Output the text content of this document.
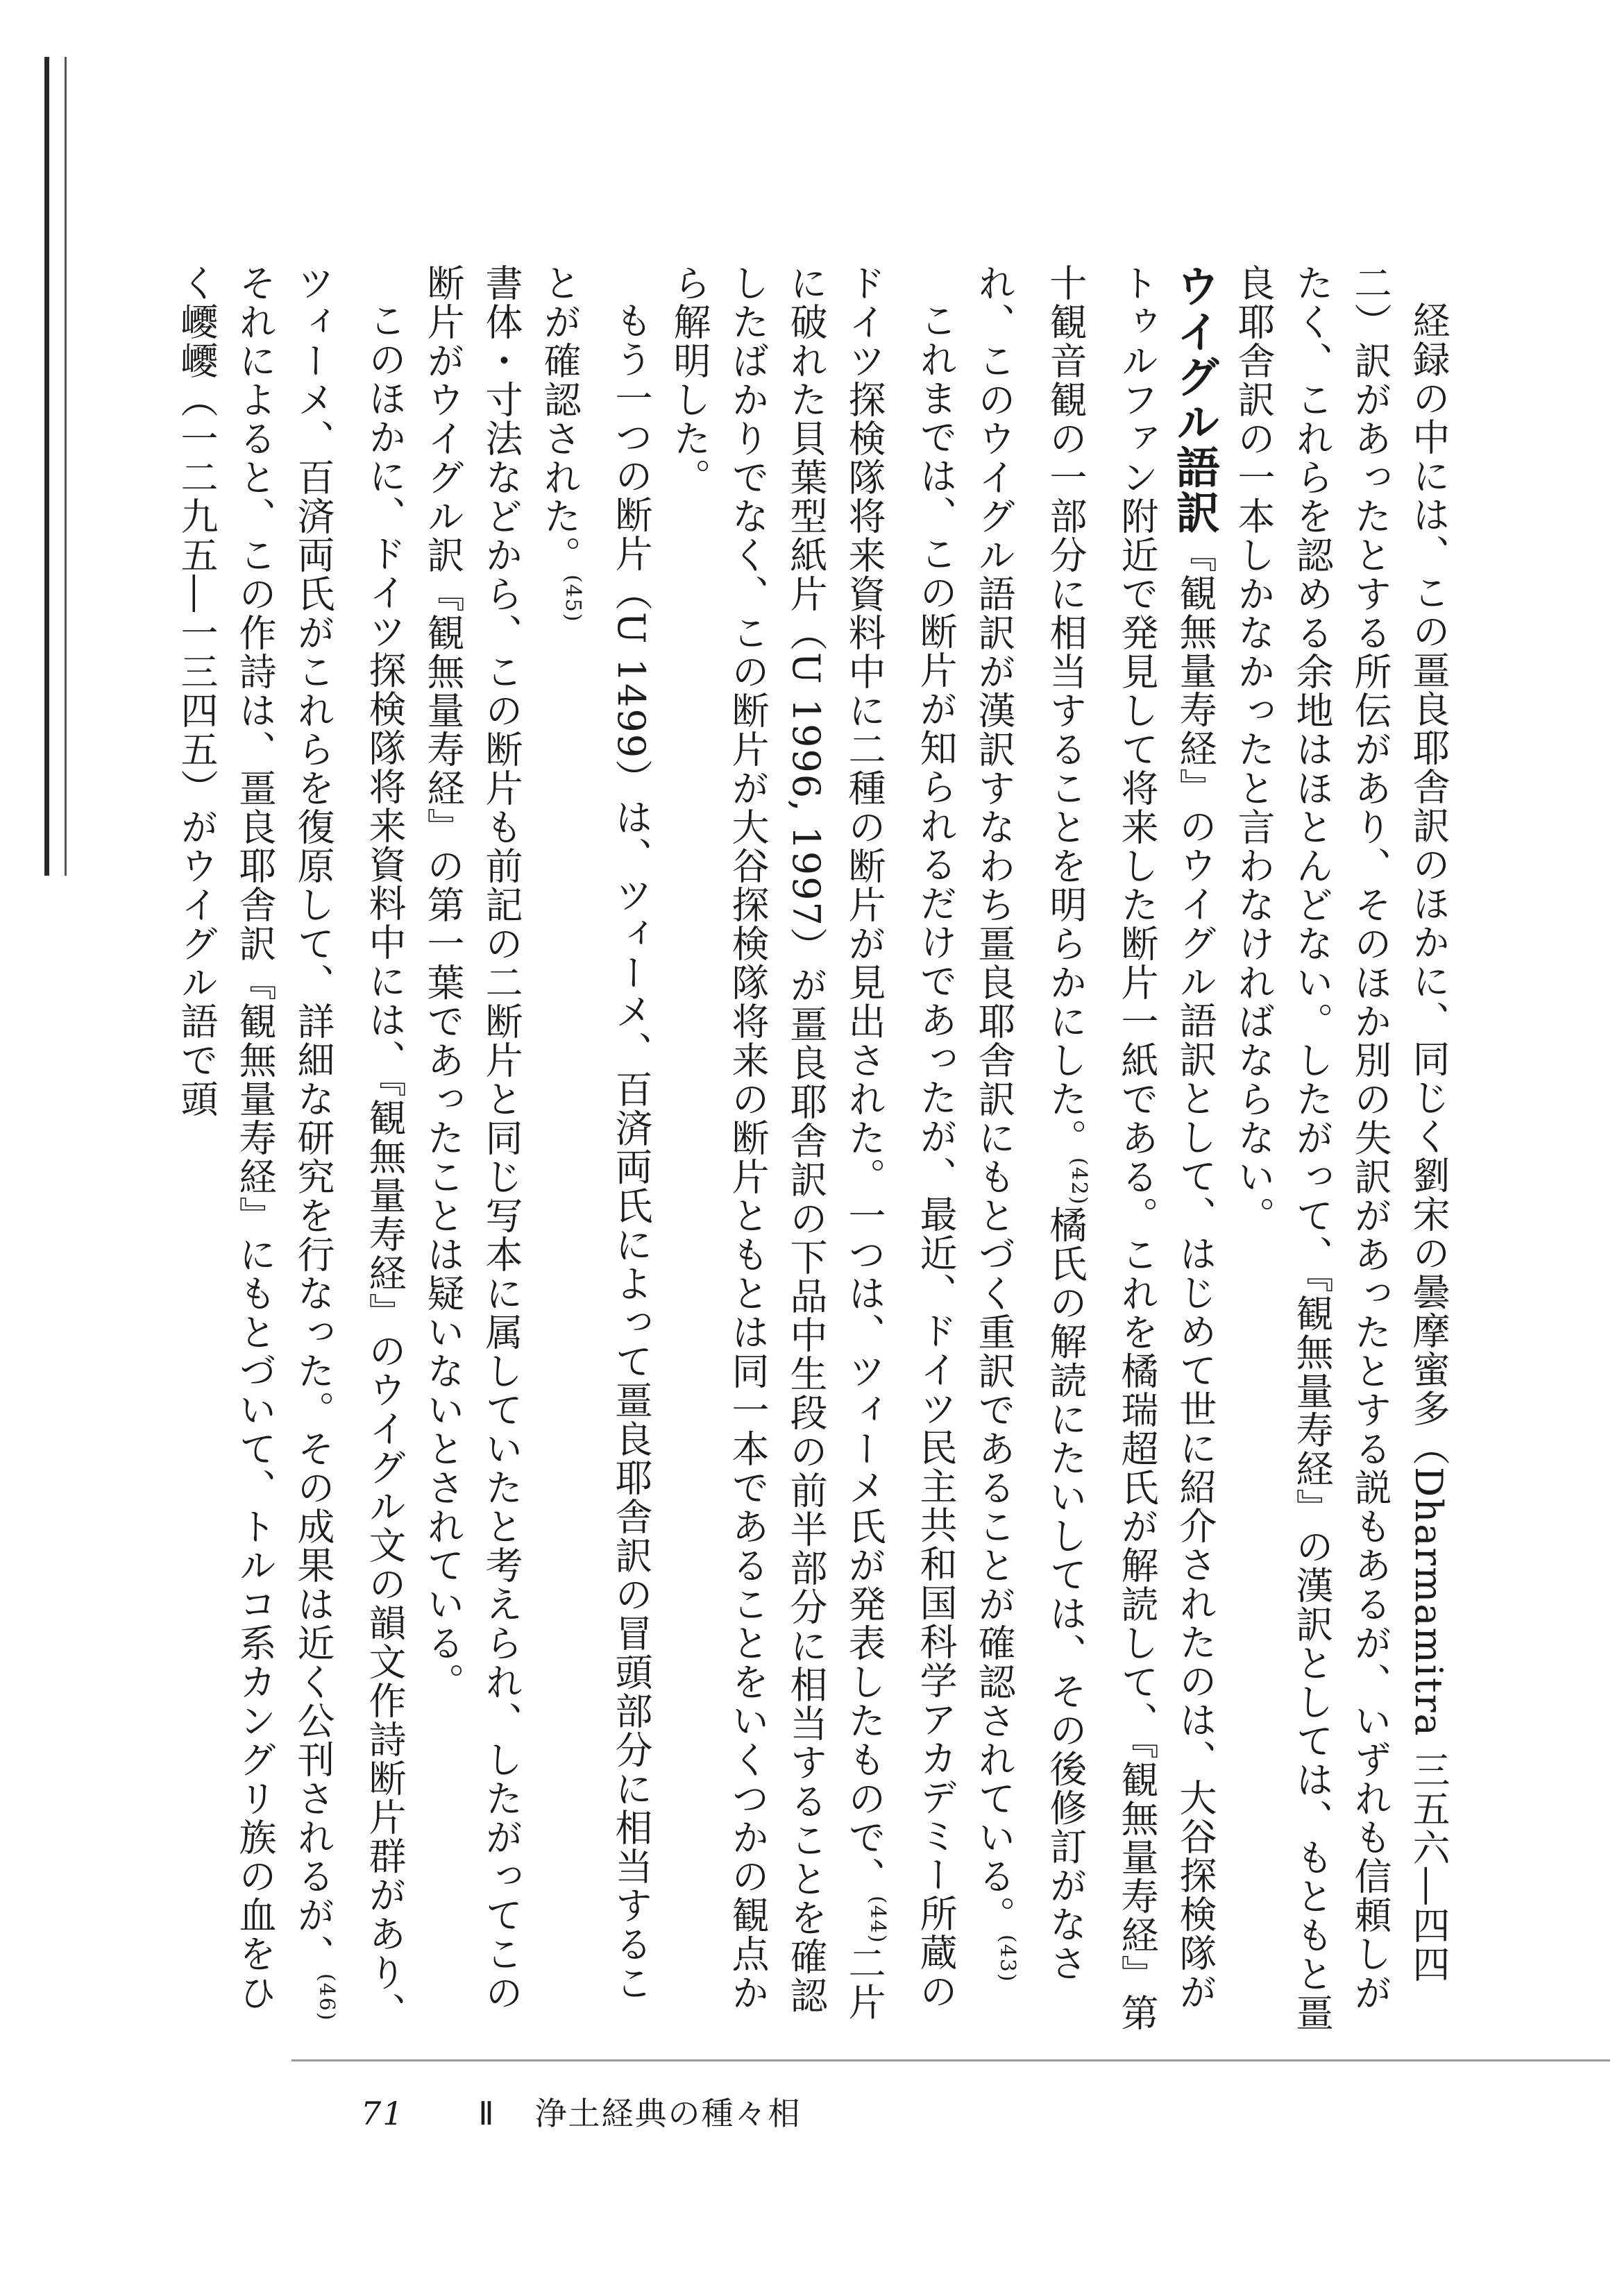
経録の中には、この畺良耶舎訳のほかに、同じく劉宋の曇摩蜜多（Dharmamitra 三五六―四四二）訳があったとする所伝があり、そのほか別の失訳があったとする説もあるが、いずれも信頼しがたく、これらを認める余地はほとんどない。したがって、『観無量寿経』の漢訳としては、もともと畺良耶舎訳の一本しかなかったと言わなければならない。

ウイグル語訳『観無量寿経』のウイグル語訳として、はじめて世に紹介されたのは、大谷探検隊がトゥルファン附近で発見して将来した断片一紙である。これを橘瑞超氏が解読して、『観無量寿経』第十観音観の一部分に相当することを明らかにした。$^{(42)}$橘氏の解読にたいしては、その後修訂がなされ、このウイグル語訳が漢訳すなわち畺良耶舎訳にもとづく重訳であることが確認されている。$^{(43)}$

これまでは、この断片が知られるだけであったが、最近、ドイツ民主共和国科学アカデミー所蔵のドイツ探検隊将来資料中に二種の断片が見出された。一つは、ツィーメ氏が発表したもので、$^{(44)}$二片に破れた貝葉型紙片（U 1996, 1997）が畺良耶舎訳の下品中生段の前半部分に相当することを確認したばかりでなく、この断片が大谷探検隊将来の断片ともとは同一本であることをいくつかの観点から解明した。

もう一つの断片（U 1499）は、ツィーメ、百済両氏によって畺良耶舎訳の冒頭部分に相当することが確認された。$^{(45)}$

書体・寸法などから、この断片も前記の二断片と同じ写本に属していたと考えられ、したがってこの断片がウイグル訳『観無量寿経』の第一葉であったことは疑いないとされている。

このほかに、ドイツ探検隊将来資料中には、『観無量寿経』のウイグル文の韻文作詩断片群があり、ツィーメ、百済両氏がこれらを復原して、詳細な研究を行なった。その成果は近く公刊されるが、$^{(46)}$それによると、この作詩は、畺良耶舎訳『観無量寿経』にもとづいて、トルコ系カングリ族の血をひく巎巎（一二九五―一三四五）がウイグル語で頭

71 Ⅱ 浄土経典の種々相
